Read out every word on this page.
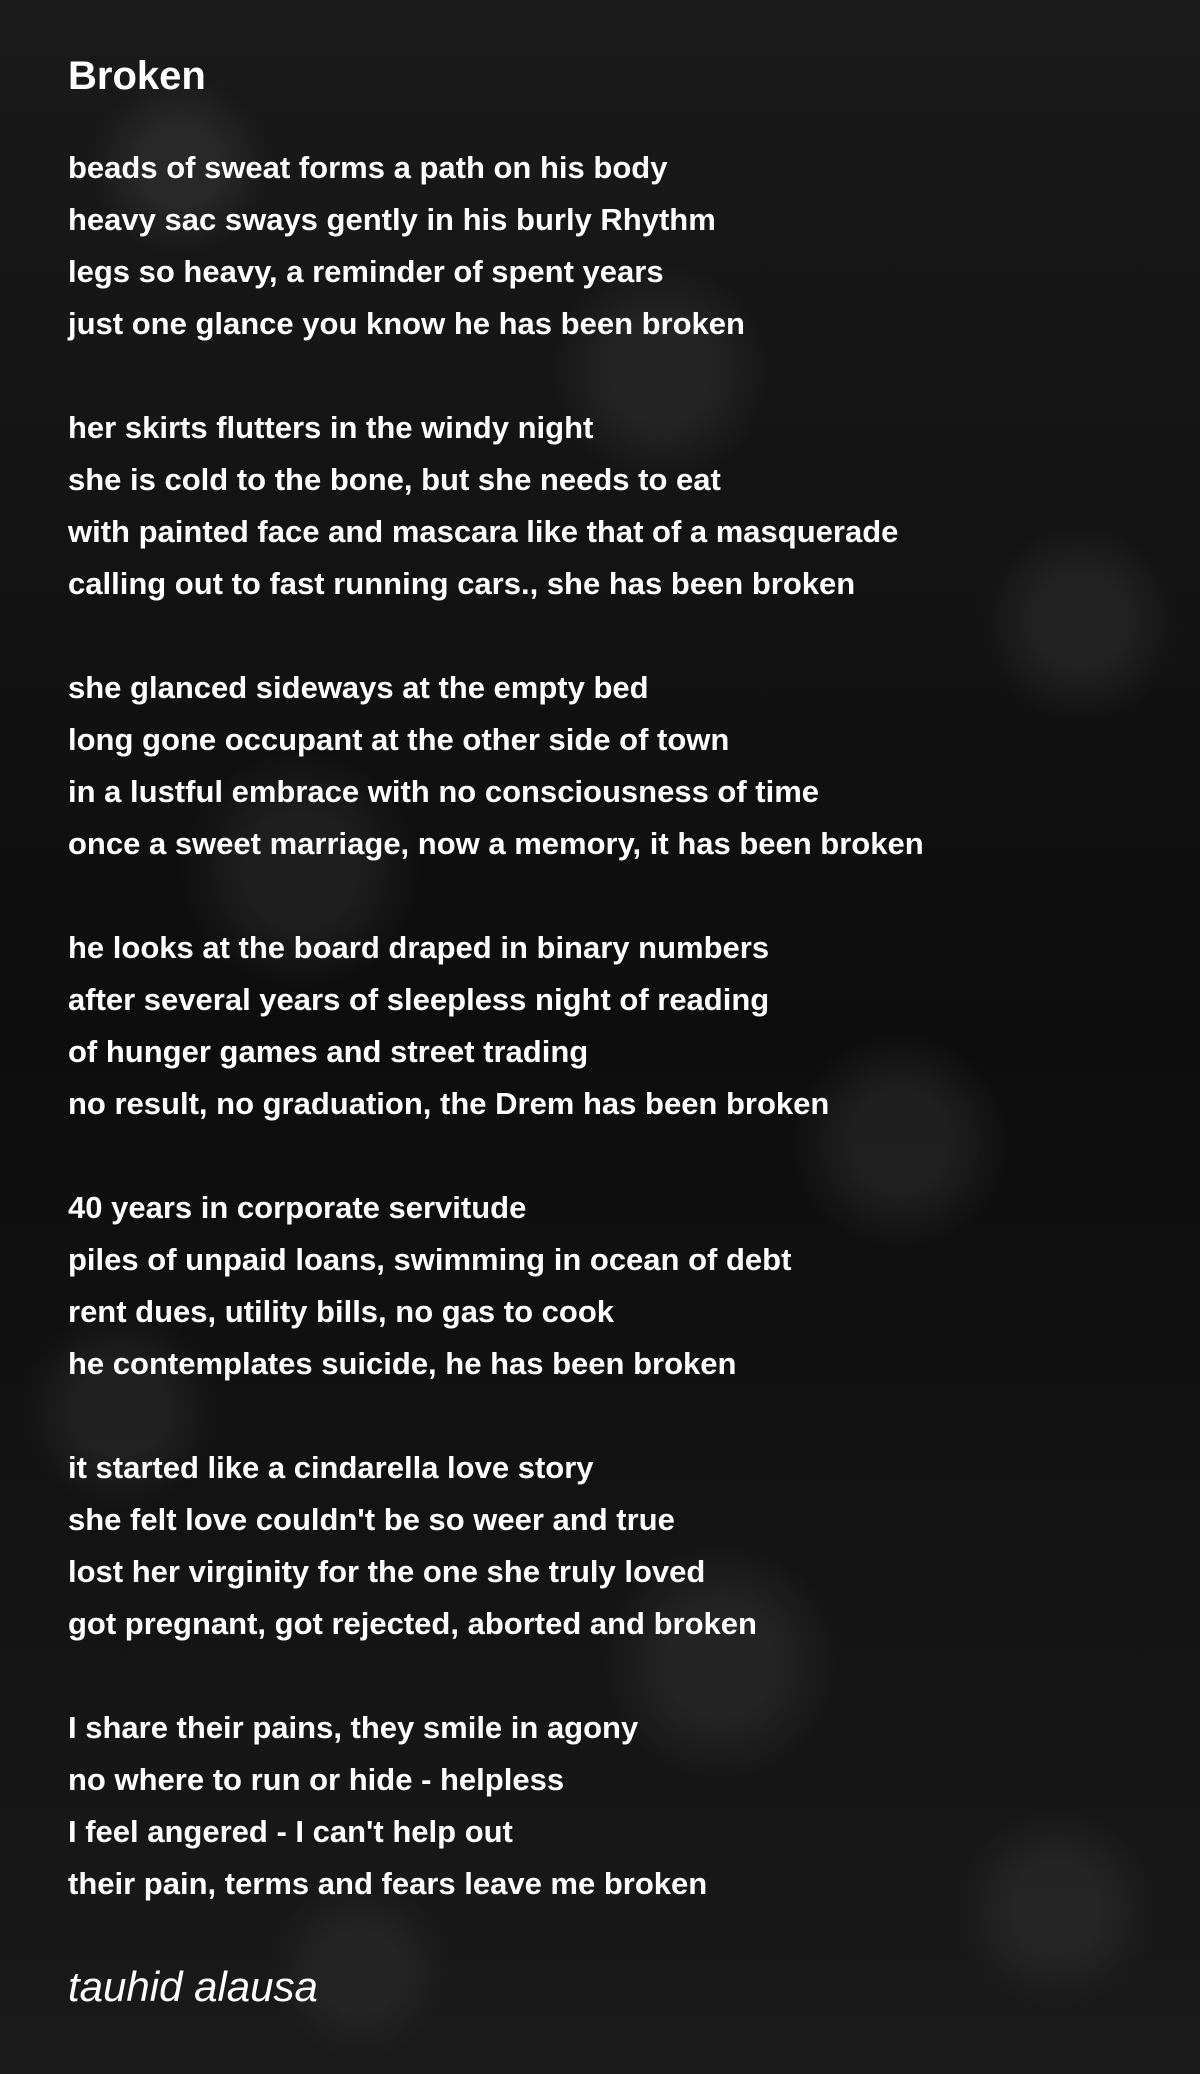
Broken
beads of sweat forms a path on his body
heavy sac sways gently in his burly Rhythm
legs so heavy, a reminder of spent years
just one glance you know he has been broken
her skirts flutters in the windy night
she is cold to the bone, but she needs to eat
with painted face and mascara like that of a masquerade
calling out to fast running cars., she has been broken
she glanced sideways at the empty bed
long gone occupant at the other side of town
in a lustful embrace with no consciousness of time
once a sweet marriage, now a memory, it has been broken
he looks at the board draped in binary numbers
after several years of sleepless night of reading
of hunger games and street trading
no result, no graduation, the Drem has been broken
40 years in corporate servitude
piles of unpaid loans, swimming in ocean of debt
rent dues, utility bills, no gas to cook
he contemplates suicide, he has been broken
it started like a cindarella love story
she felt love couldn't be so weer and true
lost her virginity for the one she truly loved
got pregnant, got rejected, aborted and broken
I share their pains, they smile in agony
no where to run or hide - helpless
I feel angered - I can't help out
their pain, terms and fears leave me broken
tauhid alausa
